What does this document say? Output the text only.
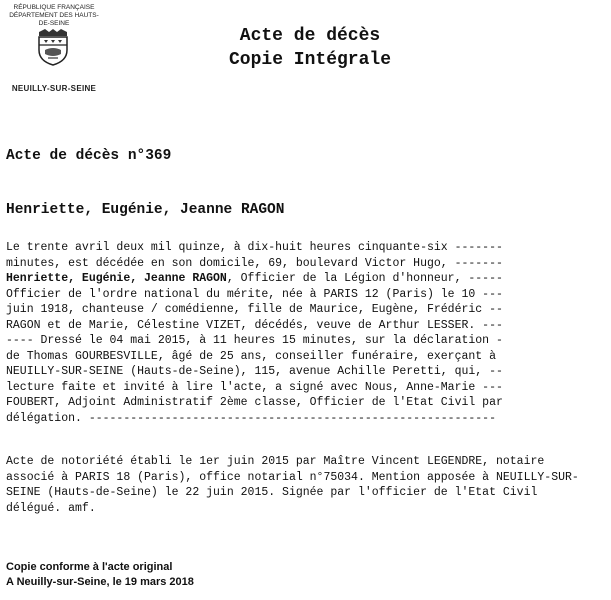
RÉPUBLIQUE FRANÇAISE
DÉPARTEMENT DES HAUTS-DE-SEINE
NEUILLY-SUR-SEINE
Acte de décès
Copie Intégrale
Acte de décès n°369
Henriette, Eugénie, Jeanne RAGON
Le trente avril deux mil quinze, à dix-huit heures cinquante-six -------
minutes, est décédée en son domicile, 69, boulevard Victor Hugo, -------
Henriette, Eugénie, Jeanne RAGON, Officier de la Légion d'honneur, -----
Officier de l'ordre national du mérite, née à PARIS 12 (Paris) le 10 ---
juin 1918, chanteuse / comédienne, fille de Maurice, Eugène, Frédéric --
RAGON et de Marie, Célestine VIZET, décédés, veuve de Arthur LESSER. ---
---- Dressé le 04 mai 2015, à 11 heures 15 minutes, sur la déclaration -
de Thomas GOURBESVILLE, âgé de 25 ans, conseiller funéraire, exerçant à
NEUILLY-SUR-SEINE (Hauts-de-Seine), 115, avenue Achille Peretti, qui, --
lecture faite et invité à lire l'acte, a signé avec Nous, Anne-Marie ---
FOUBERT, Adjoint Administratif 2ème classe, Officier de l'Etat Civil par
délégation. -----------------------------------------------------------
Acte de notoriété établi le 1er juin 2015 par Maître Vincent LEGENDRE, notaire
associé à PARIS 18 (Paris), office notarial n°75034. Mention apposée à NEUILLY-SUR-
SEINE (Hauts-de-Seine) le 22 juin 2015. Signée par l'officier de l'Etat Civil
délégué. amf.
Copie conforme à l'acte original
A Neuilly-sur-Seine, le 19 mars 2018
